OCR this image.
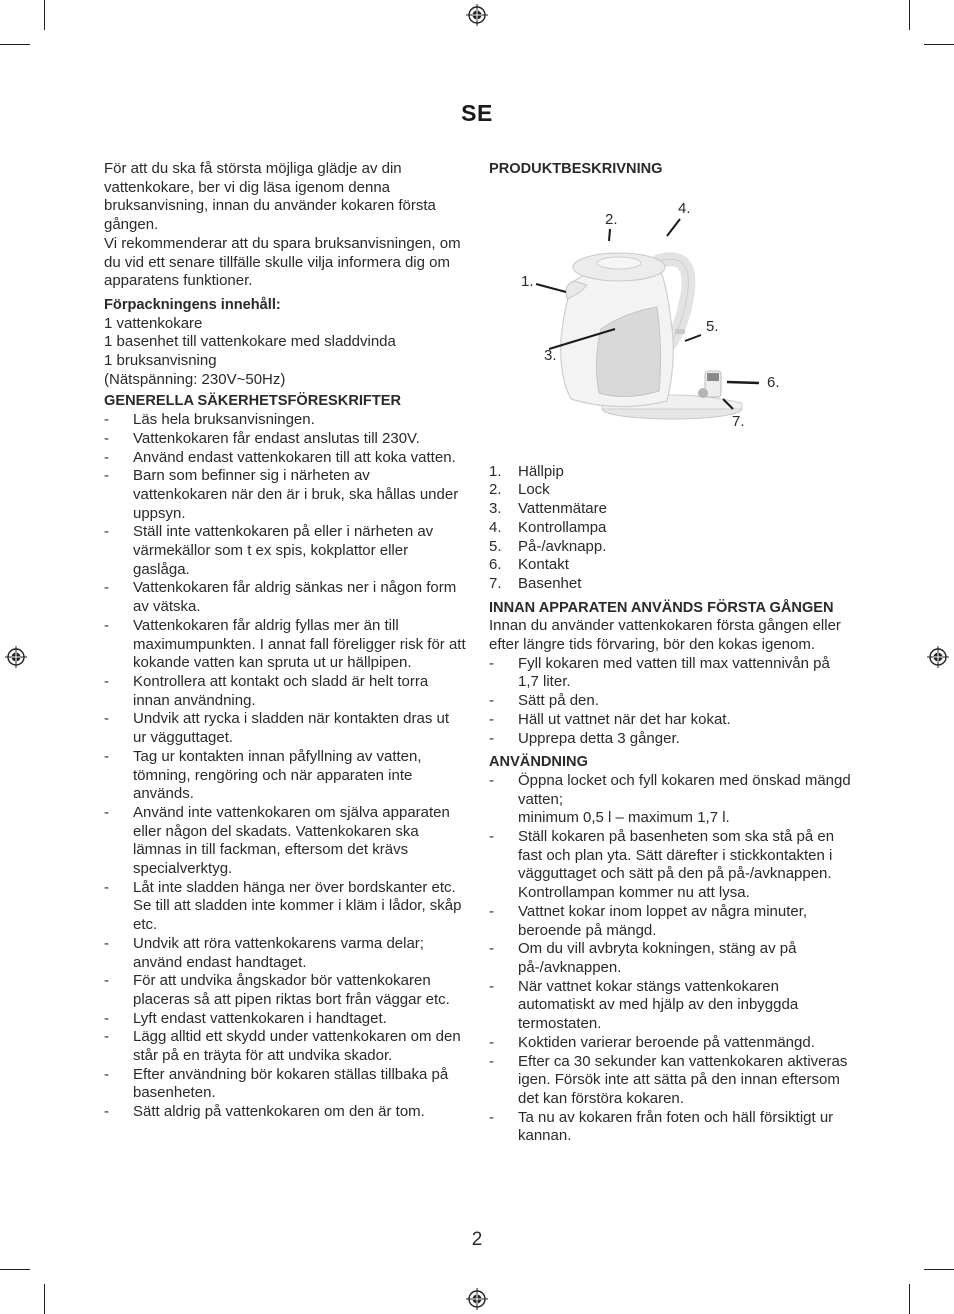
SE

För att du ska få största möjliga glädje av din vattenkokare, ber vi dig läsa igenom denna bruksanvisning, innan du använder kokaren första gången.

Vi rekommenderar att du spara bruksanvisningen, om du vid ett senare tillfälle skulle vilja informera dig om apparatens funktioner.

Förpackningens innehåll:

1 vattenkokare
1 basenhet till vattenkokare med sladdvinda
1 bruksanvisning
(Nätspänning: 230V~50Hz)

GENERELLA SÄKERHETSFÖRESKRIFTER

- Läs hela bruksanvisningen.
- Vattenkokaren får endast anslutas till 230V.
- Använd endast vattenkokaren till att koka vatten.
- Barn som befinner sig i närheten av vattenkokaren när den är i bruk, ska hållas under uppsyn.
- Ställ inte vattenkokaren på eller i närheten av värmekällor som t ex spis, kokplattor eller gaslåga.
- Vattenkokaren får aldrig sänkas ner i någon form av vätska.
- Vattenkokaren får aldrig fyllas mer än till maximumpunkten. I annat fall föreligger risk för att kokande vatten kan spruta ut ur hällpipen.
- Kontrollera att kontakt och sladd är helt torra innan användning.
- Undvik att rycka i sladden när kontakten dras ut ur vägguttaget.
- Tag ur kontakten innan påfyllning av vatten, tömning, rengöring och när apparaten inte används.
- Använd inte vattenkokaren om själva apparaten eller någon del skadats. Vattenkokaren ska lämnas in till fackman, eftersom det krävs specialverktyg.
- Låt inte sladden hänga ner över bordskanter etc. Se till att sladden inte kommer i kläm i lådor, skåp etc.
- Undvik att röra vattenkokarens varma delar; använd endast handtaget.
- För att undvika ångskador bör vattenkokaren placeras så att pipen riktas bort från väggar etc.
- Lyft endast vattenkokaren i handtaget.
- Lägg alltid ett skydd under vattenkokaren om den står på en träyta för att undvika skador.
- Efter användning bör kokaren ställas tillbaka på basenheten.
- Sätt aldrig på vattenkokaren om den är tom.

PRODUKTBESKRIVNING

1.
2.
3.
4.
5.
6.
7.
1. Hällpip
2. Lock
3. Vattenmätare
4. Kontrollampa
5. På-/avknapp.
6. Kontakt
7. Basenhet

INNAN APPARATEN ANVÄNDS FÖRSTA GÅNGEN

Innan du använder vattenkokaren första gången eller efter längre tids förvaring, bör den kokas igenom.

- Fyll kokaren med vatten till max vattennivån på 1,7 liter.
- Sätt på den.
- Häll ut vattnet när det har kokat.
- Upprepa detta 3 gånger.

ANVÄNDNING

- Öppna locket och fyll kokaren med önskad mängd vatten;
minimum 0,5 l – maximum 1,7 l.
- Ställ kokaren på basenheten som ska stå på en fast och plan yta. Sätt därefter i stickkontakten i vägguttaget och sätt på den på på-/avknappen. Kontrollampan kommer nu att lysa.
- Vattnet kokar inom loppet av några minuter, beroende på mängd.
- Om du vill avbryta kokningen, stäng av på på-/avknappen.
- När vattnet kokar stängs vattenkokaren automatiskt av med hjälp av den inbyggda termostaten.
- Koktiden varierar beroende på vattenmängd.
- Efter ca 30 sekunder kan vattenkokaren aktiveras igen. Försök inte att sätta på den innan eftersom det kan förstöra kokaren.
- Ta nu av kokaren från foten och häll försiktigt ur kannan.
2
